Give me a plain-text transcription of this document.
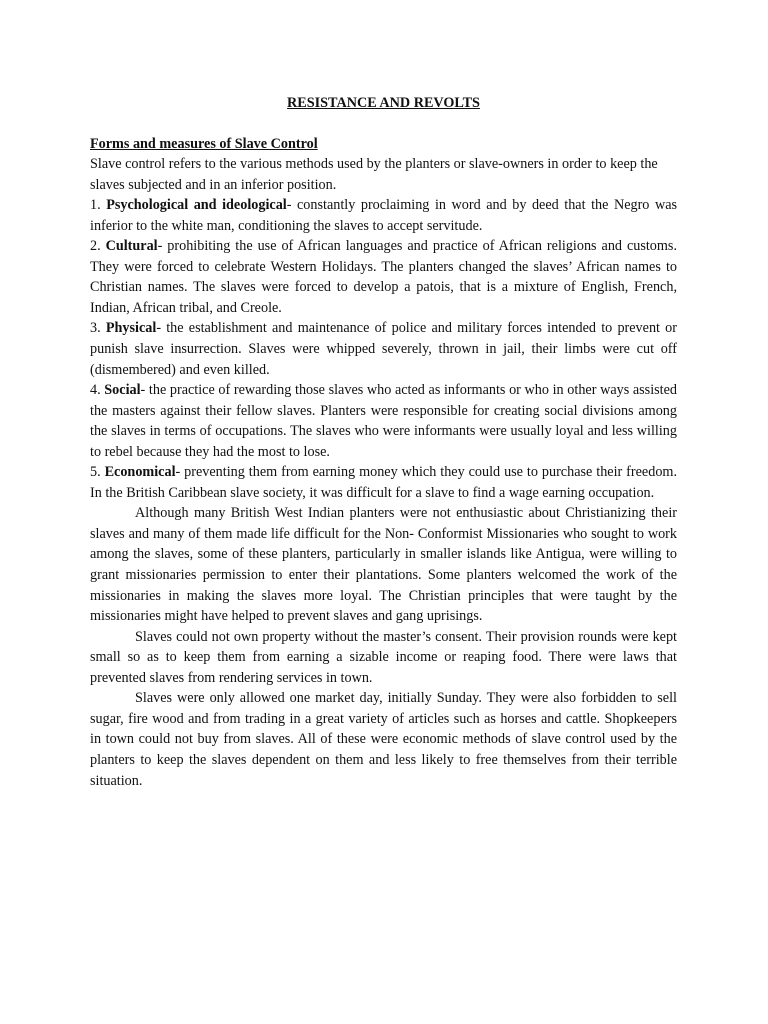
RESISTANCE AND REVOLTS
Forms and measures of Slave Control

Slave control refers to the various methods used by the planters or slave-owners in order to keep the slaves subjected and in an inferior position.

1. Psychological and ideological- constantly proclaiming in word and by deed that the Negro was inferior to the white man, conditioning the slaves to accept servitude.

2. Cultural- prohibiting the use of African languages and practice of African religions and customs. They were forced to celebrate Western Holidays. The planters changed the slaves’ African names to Christian names. The slaves were forced to develop a patois, that is a mixture of English, French, Indian, African tribal, and Creole.

3. Physical- the establishment and maintenance of police and military forces intended to prevent or punish slave insurrection. Slaves were whipped severely, thrown in jail, their limbs were cut off (dismembered) and even killed.

4. Social- the practice of rewarding those slaves who acted as informants or who in other ways assisted the masters against their fellow slaves. Planters were responsible for creating social divisions among the slaves in terms of occupations. The slaves who were informants were usually loyal and less willing to rebel because they had the most to lose.

5. Economical- preventing them from earning money which they could use to purchase their freedom. In the British Caribbean slave society, it was difficult for a slave to find a wage earning occupation.

Although many British West Indian planters were not enthusiastic about Christianizing their slaves and many of them made life difficult for the Non- Conformist Missionaries who sought to work among the slaves, some of these planters, particularly in smaller islands like Antigua, were willing to grant missionaries permission to enter their plantations. Some planters welcomed the work of the missionaries in making the slaves more loyal. The Christian principles that were taught by the missionaries might have helped to prevent slaves and gang uprisings.

Slaves could not own property without the master’s consent. Their provision rounds were kept small so as to keep them from earning a sizable income or reaping food. There were laws that prevented slaves from rendering services in town.

Slaves were only allowed one market day, initially Sunday. They were also forbidden to sell sugar, fire wood and from trading in a great variety of articles such as horses and cattle. Shopkeepers in town could not buy from slaves. All of these were economic methods of slave control used by the planters to keep the slaves dependent on them and less likely to free themselves from their terrible situation.
